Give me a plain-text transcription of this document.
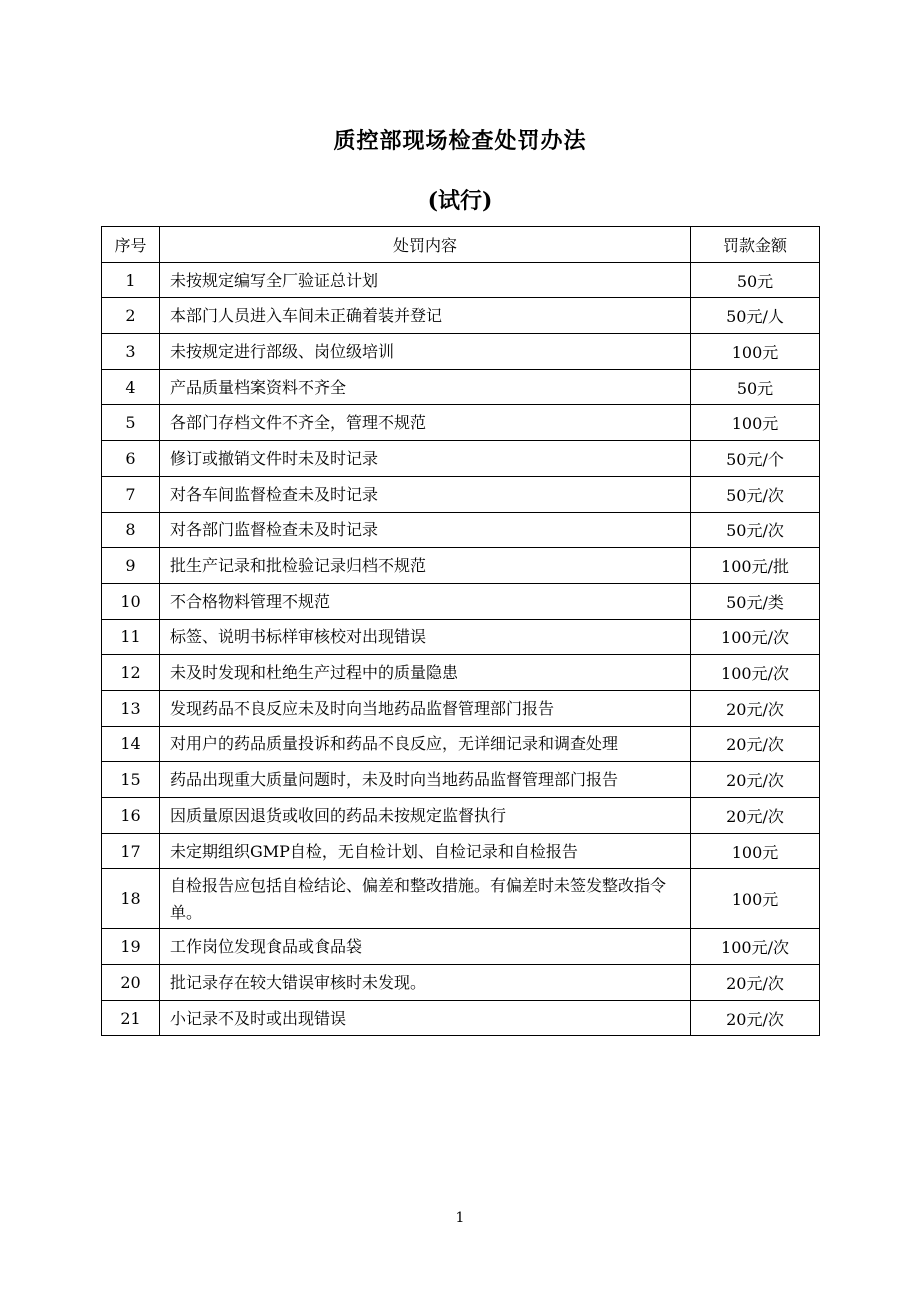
质控部现场检查处罚办法
(试行)
序号	处罚内容	罚款金额
1	未按规定编写全厂验证总计划	50元
2	本部门人员进入车间未正确着装并登记	50元/人
3	未按规定进行部级、岗位级培训	100元
4	产品质量档案资料不齐全	50元
5	各部门存档文件不齐全，管理不规范	100元
6	修订或撤销文件时未及时记录	50元/个
7	对各车间监督检查未及时记录	50元/次
8	对各部门监督检查未及时记录	50元/次
9	批生产记录和批检验记录归档不规范	100元/批
10	不合格物料管理不规范	50元/类
11	标签、说明书标样审核校对出现错误	100元/次
12	未及时发现和杜绝生产过程中的质量隐患	100元/次
13	发现药品不良反应未及时向当地药品监督管理部门报告	20元/次
14	对用户的药品质量投诉和药品不良反应，无详细记录和调查处理	20元/次
15	药品出现重大质量问题时，未及时向当地药品监督管理部门报告	20元/次
16	因质量原因退货或收回的药品未按规定监督执行	20元/次
17	未定期组织GMP自检，无自检计划、自检记录和自检报告	100元
18	自检报告应包括自检结论、偏差和整改措施。有偏差时未签发整改指令单。	100元
19	工作岗位发现食品或食品袋	100元/次
20	批记录存在较大错误审核时未发现。	20元/次
21	小记录不及时或出现错误	20元/次
1
